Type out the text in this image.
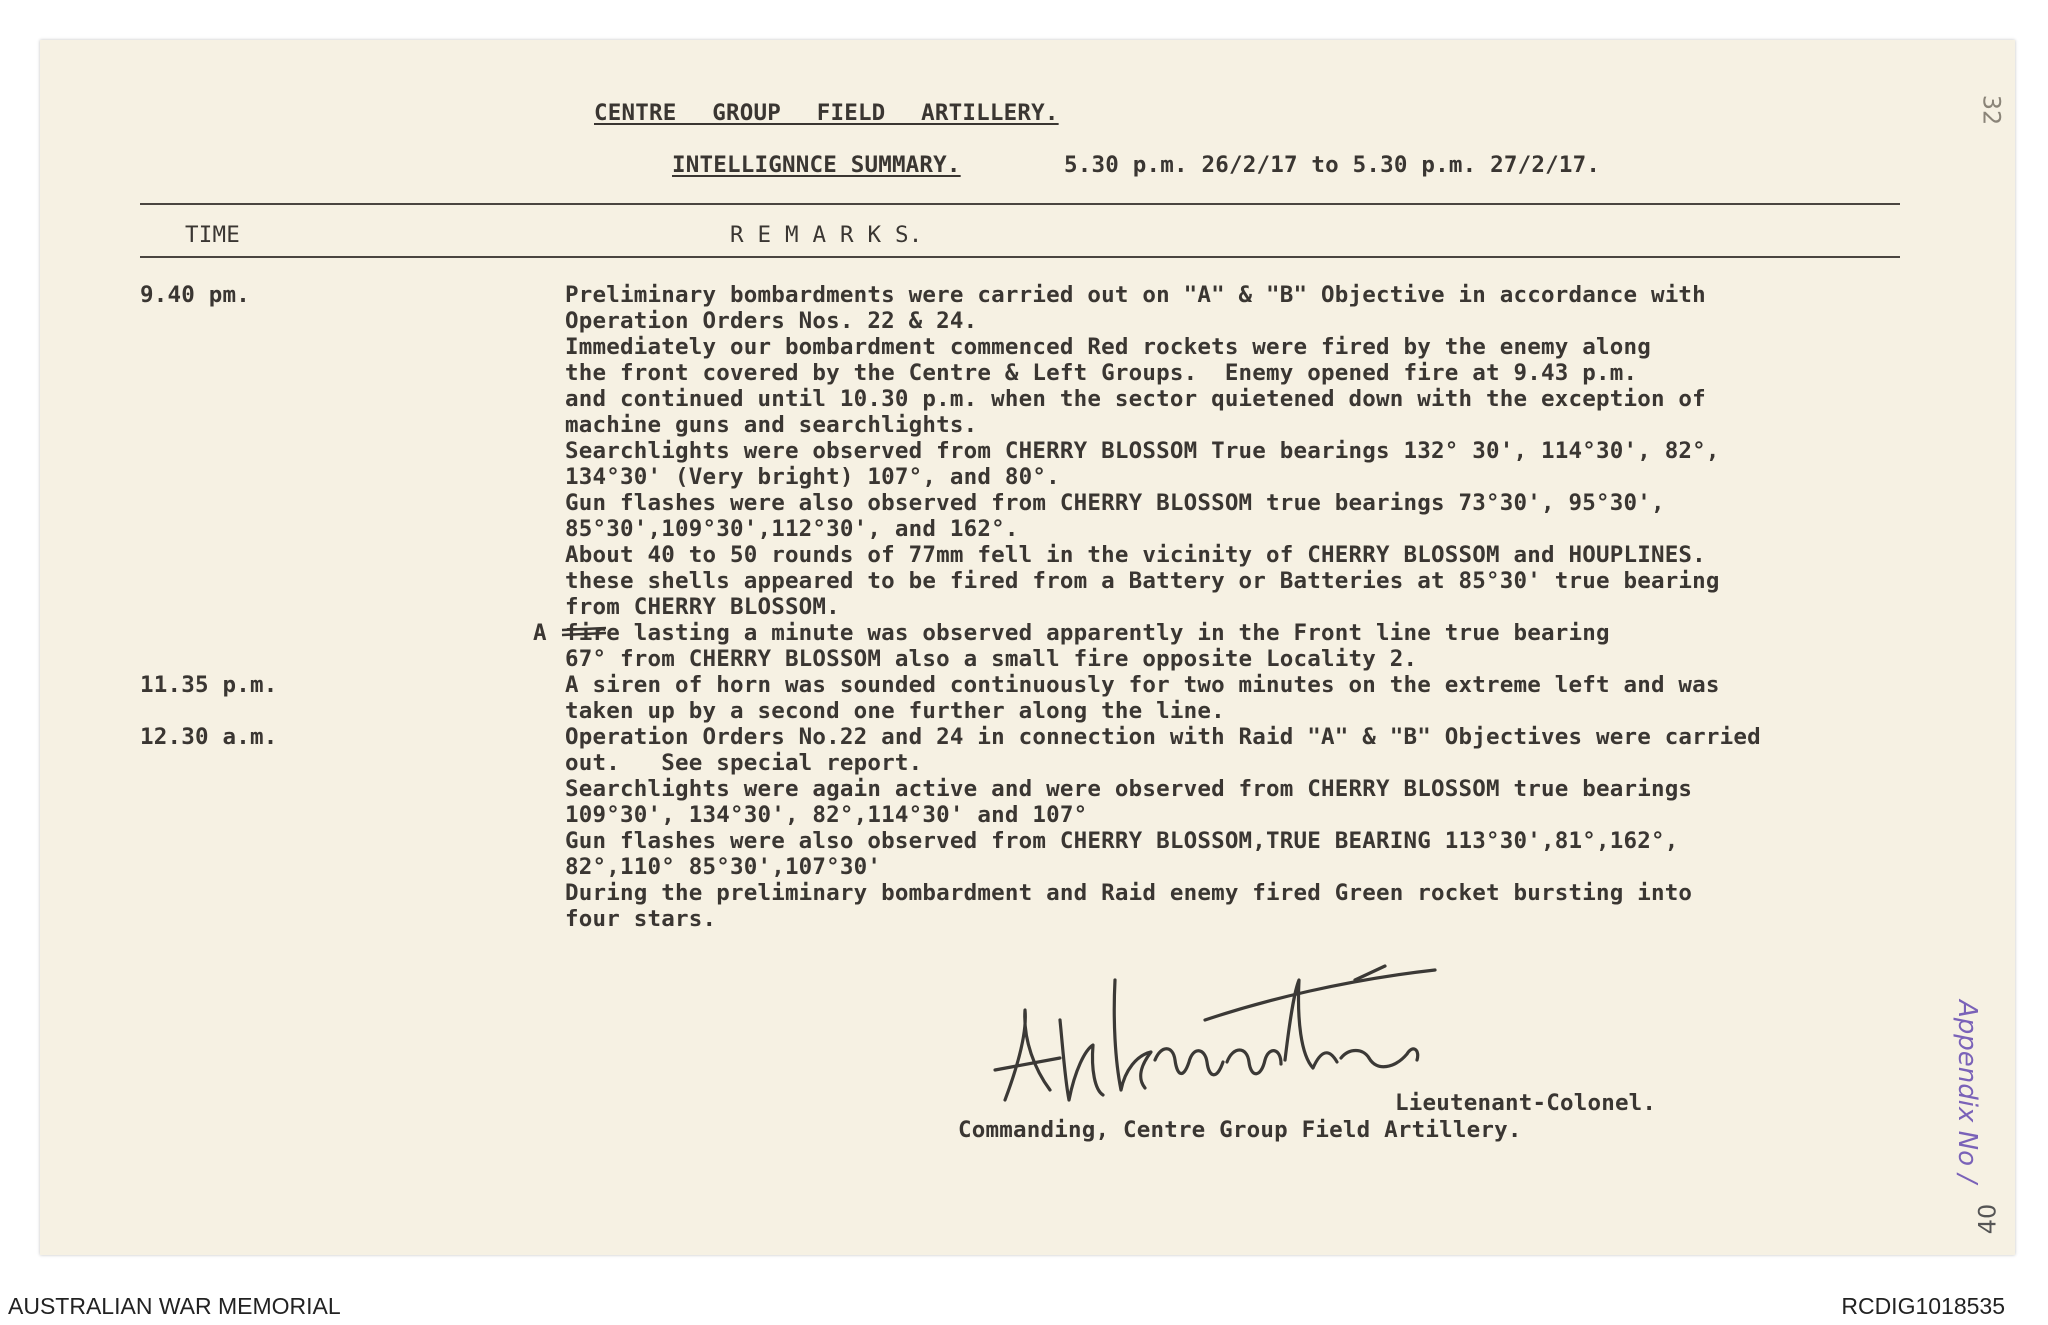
CENTRE GROUP FIELD ARTILLERY.
INTELLIGNNCE SUMMARY.	5.30 p.m. 26/2/17 to 5.30 p.m. 27/2/17.
TIME	R E M A R K S.
9.40 pm.	Preliminary bombardments were carried out on "A" & "B" Objective in accordance with
Operation Orders Nos. 22 & 24.
Immediately our bombardment commenced Red rockets were fired by the enemy along
the front covered by the Centre & Left Groups.  Enemy opened fire at 9.43 p.m.
and continued until 10.30 p.m. when the sector quietened down with the exception of
machine guns and searchlights.
Searchlights were observed from CHERRY BLOSSOM True bearings 132° 30', 114°30', 82°,
134°30' (Very bright) 107°, and 80°.
Gun flashes were also observed from CHERRY BLOSSOM true bearings 73°30', 95°30',
85°30',109°30',112°30', and 162°.
About 40 to 50 rounds of 77mm fell in the vicinity of CHERRY BLOSSOM and HOUPLINES.
these shells appeared to be fired from a Battery or Batteries at 85°30' true bearing
from CHERRY BLOSSOM.
fire lasting a minute was observed apparently in the Front line true bearing
67° from CHERRY BLOSSOM also a small fire opposite Locality 2.
A
11.35 p.m.	A siren of horn was sounded continuously for two minutes on the extreme left and was
taken up by a second one further along the line.
12.30 a.m.	Operation Orders No.22 and 24 in connection with Raid "A" & "B" Objectives were carried
out.   See special report.
Searchlights were again active and were observed from CHERRY BLOSSOM true bearings
109°30', 134°30', 82°,114°30' and 107°
Gun flashes were also observed from CHERRY BLOSSOM,TRUE BEARING 113°30',81°,162°,
82°,110° 85°30',107°30'
During the preliminary bombardment and Raid enemy fired Green rocket bursting into
four stars.
Lieutenant-Colonel.
Commanding, Centre Group Field Artillery.	Appendix No /
32
40
AUSTRALIAN WAR MEMORIAL	RCDIG1018535
